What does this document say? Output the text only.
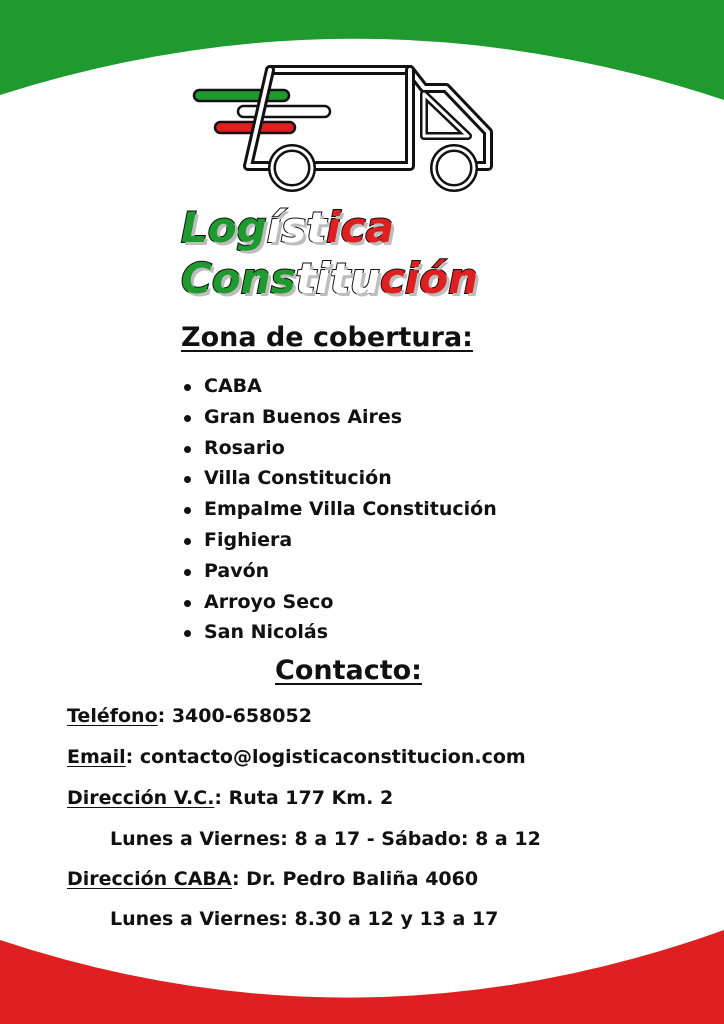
Logística
Constitución
Zona de cobertura:
CABA
Gran Buenos Aires
Rosario
Villa Constitución
Empalme Villa Constitución
Fighiera
Pavón
Arroyo Seco
San Nicolás
Contacto:
Teléfono: 3400-658052
Email: contacto@logisticaconstitucion.com
Dirección V.C.: Ruta 177 Km. 2
Lunes a Viernes: 8 a 17 - Sábado: 8 a 12
Dirección CABA: Dr. Pedro Baliña 4060
Lunes a Viernes: 8.30 a 12 y 13 a 17
